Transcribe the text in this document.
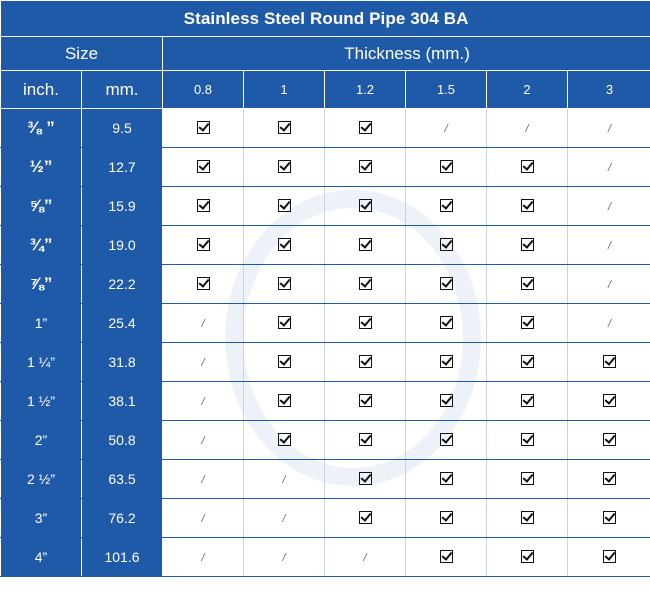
Stainless Steel Round Pipe 304 BA							
Size		Thickness (mm.)					
inch.	mm.	0.8	1	1.2	1.5	2	3
⅜ ”	9.5				/	/	/
½”	12.7						/
⅝”	15.9						/
¾”	19.0						/
⅞”	22.2						/
1”	25.4	/					/
1 ¼”	31.8	/					
1 ½”	38.1	/					
2”	50.8	/					
2 ½”	63.5	/	/				
3”	76.2	/	/				
4”	101.6	/	/	/			
